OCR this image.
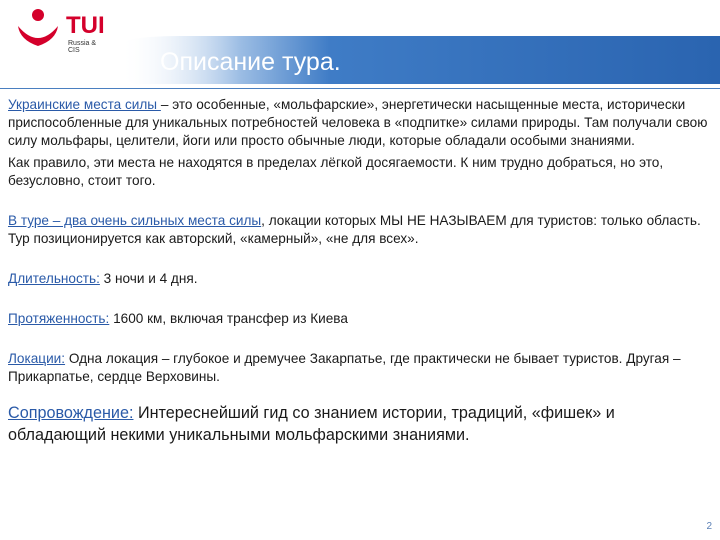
TUI
Russia & CIS	Описание тура.

Украинские места силы – это особенные, «мольфарские», энергетически насыщенные места, исторически приспособленные для уникальных потребностей человека в «подпитке» силами природы. Там получали свою силу мольфары, целители, йоги или просто обычные люди, которые обладали особыми знаниями.

Как правило, эти места не находятся в пределах лёгкой досягаемости. К ним трудно добраться, но это, безусловно, стоит того.

В туре – два очень сильных места силы, локации которых МЫ НЕ НАЗЫВАЕМ для туристов: только область. Тур позиционируется как авторский, «камерный», «не для всех».

Длительность: 3 ночи и 4 дня.

Протяженность: 1600 км, включая трансфер из Киева

Локации: Одна локация – глубокое и дремучее Закарпатье, где практически не бывает туристов. Другая – Прикарпатье, сердце Верховины.

Сопровождение: Интереснейший гид со знанием истории, традиций, «фишек» и обладающий некими уникальными мольфарскими знаниями.

2
